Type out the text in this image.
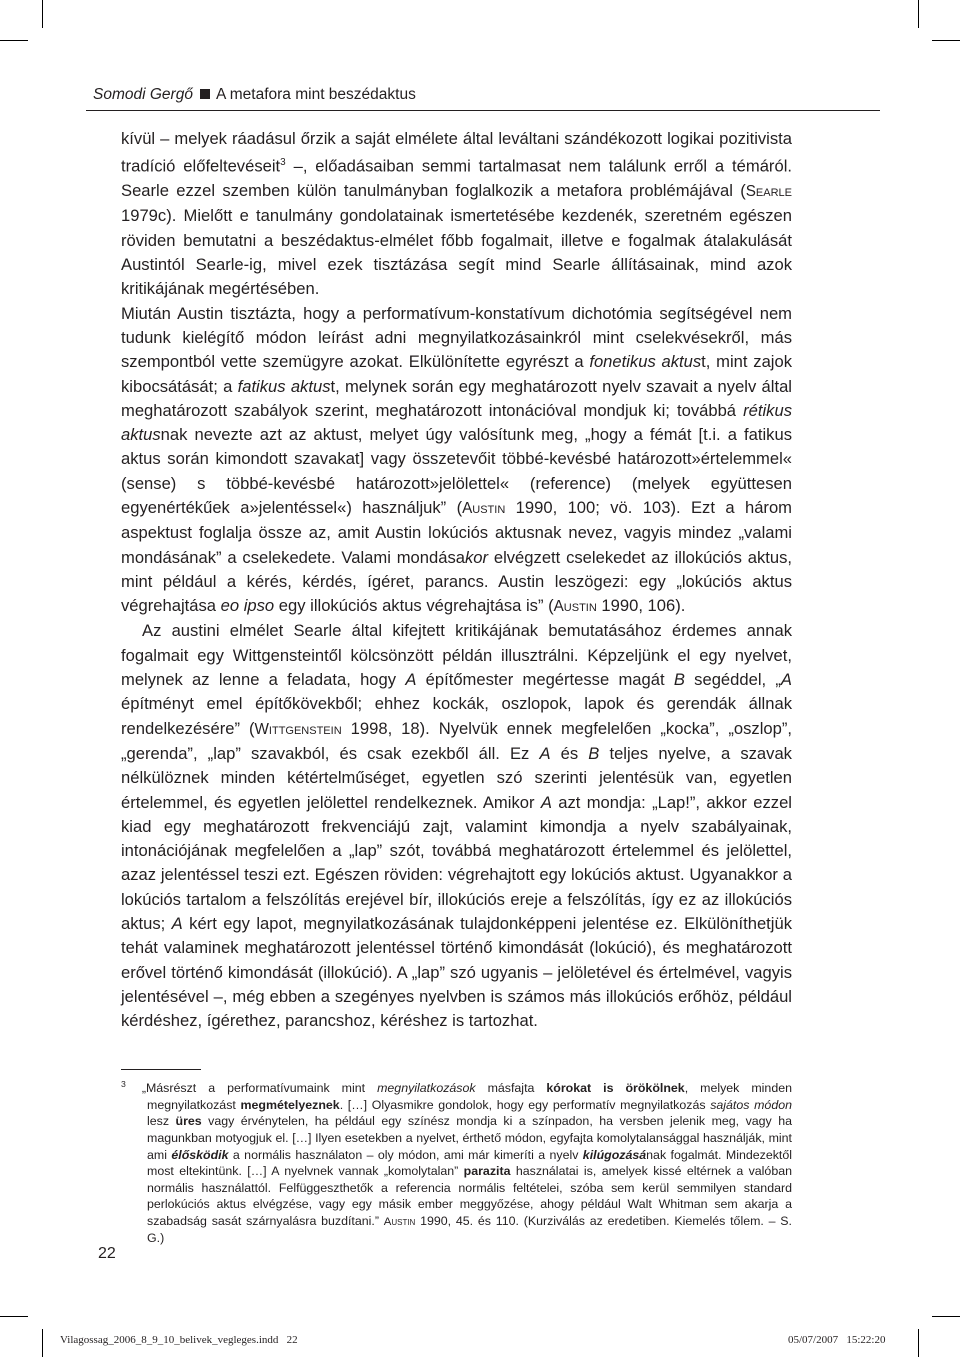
Somodi Gergő A metafora mint beszédaktus

kívül – melyek ráadásul őrzik a saját elmélete által leváltani szándékozott logikai pozitivista tradíció előfeltevéseit$^3$ –, előadásaiban semmi tartalmasat nem találunk erről a témáról. Searle ezzel szemben külön tanulmányban foglalkozik a metafora problémájával (Searle 1979c). Mielőtt e tanulmány gondolatainak ismertetésébe kezdenék, szeretném egészen röviden bemutatni a beszédaktus-elmélet főbb fogalmait, illetve e fogalmak átalakulását Austintól Searle-ig, mivel ezek tisztázása segít mind Searle állításainak, mind azok kritikájának megértésében.

Miután Austin tisztázta, hogy a performatívum-konstatívum dichotómia segítségével nem tudunk kielégítő módon leírást adni megnyilatkozásainkról mint cselekvésekről, más szempontból vette szemügyre azokat. Elkülönítette egyrészt a fonetikus aktust, mint zajok kibocsátását; a fatikus aktust, melynek során egy meghatározott nyelv szavait a nyelv által meghatározott szabályok szerint, meghatározott intonációval mondjuk ki; továbbá rétikus aktusnak nevezte azt az aktust, melyet úgy valósítunk meg, „hogy a fémát [t.i. a fatikus aktus során kimondott szavakat] vagy összetevőit többé-kevésbé határozott»értelemmel« (sense) s többé-kevésbé határozott»jelölettel« (reference) (melyek együttesen egyenértékűek a»jelentéssel«) használjuk” (Austin 1990, 100; vö. 103). Ezt a három aspektust foglalja össze az, amit Austin lokúciós aktusnak nevez, vagyis mindez „valami mondásának” a cselekedete. Valami mondásakor elvégzett cselekedet az illokúciós aktus, mint például a kérés, kérdés, ígéret, parancs. Austin leszögezi: egy „lokúciós aktus végrehajtása eo ipso egy illokúciós aktus végrehajtása is” (Austin 1990, 106).

Az austini elmélet Searle által kifejtett kritikájának bemutatásához érdemes annak fogalmait egy Wittgensteintől kölcsönzött példán illusztrálni. Képzeljünk el egy nyelvet, melynek az lenne a feladata, hogy A építőmester megértesse magát B segéddel, „A építményt emel építőkövekből; ehhez kockák, oszlopok, lapok és gerendák állnak rendelkezésére” (Wittgenstein 1998, 18). Nyelvük ennek megfelelően „kocka”, „oszlop”, „gerenda”, „lap” szavakból, és csak ezekből áll. Ez A és B teljes nyelve, a szavak nélkülöznek minden kétértelműséget, egyetlen szó szerinti jelentésük van, egyetlen értelemmel, és egyetlen jelölettel rendelkeznek. Amikor A azt mondja: „Lap!”, akkor ezzel kiad egy meghatározott frekvenciájú zajt, valamint kimondja a nyelv szabályainak, intonációjának megfelelően a „lap” szót, továbbá meghatározott értelemmel és jelölettel, azaz jelentéssel teszi ezt. Egészen röviden: végrehajtott egy lokúciós aktust. Ugyanakkor a lokúciós tartalom a felszólítás erejével bír, illokúciós ereje a felszólítás, így ez az illokúciós aktus; A kért egy lapot, megnyilatkozásának tulajdonképpeni jelentése ez. Elkülöníthetjük tehát valaminek meghatározott jelentéssel történő kimondását (lokúció), és meghatározott erővel történő kimondását (illokúció). A „lap” szó ugyanis – jelöletével és értelmével, vagyis jelentésével –, még ebben a szegényes nyelvben is számos más illokúciós erőhöz, például kérdéshez, ígérethez, parancshoz, kéréshez is tartozhat.

$^3$ „Másrészt a performatívumaink mint megnyilatkozások másfajta kórokat is örökölnek, melyek minden megnyilatkozást megmételyeznek. […] Olyasmikre gondolok, hogy egy performatív megnyilatkozás sajátos módon lesz üres vagy érvénytelen, ha például egy színész mondja ki a színpadon, ha versben jelenik meg, vagy ha magunkban motyogjuk el. […] Ilyen esetekben a nyelvet, érthető módon, egyfajta komolytalansággal használják, mint ami élősködik a normális használaton – oly módon, ami már kimeríti a nyelv kilúgozásának fogalmát. Mindezektől most eltekintünk. […] A nyelvnek vannak „komolytalan” parazita használatai is, amelyek kissé eltérnek a valóban normális használattól. Felfüggeszthetők a referencia normális feltételei, szóba sem kerül semmilyen standard perlokúciós aktus elvégzése, vagy egy másik ember meggyőzése, ahogy például Walt Whitman sem akarja a szabadság sasát szárnyalásra buzdítani.” Austin 1990, 45. és 110. (Kurziválás az eredetiben. Kiemelés tőlem. – S. G.)

22
Vilagossag_2006_8_9_10_belivek_vegleges.indd   22	05/07/2007   15:22:20
